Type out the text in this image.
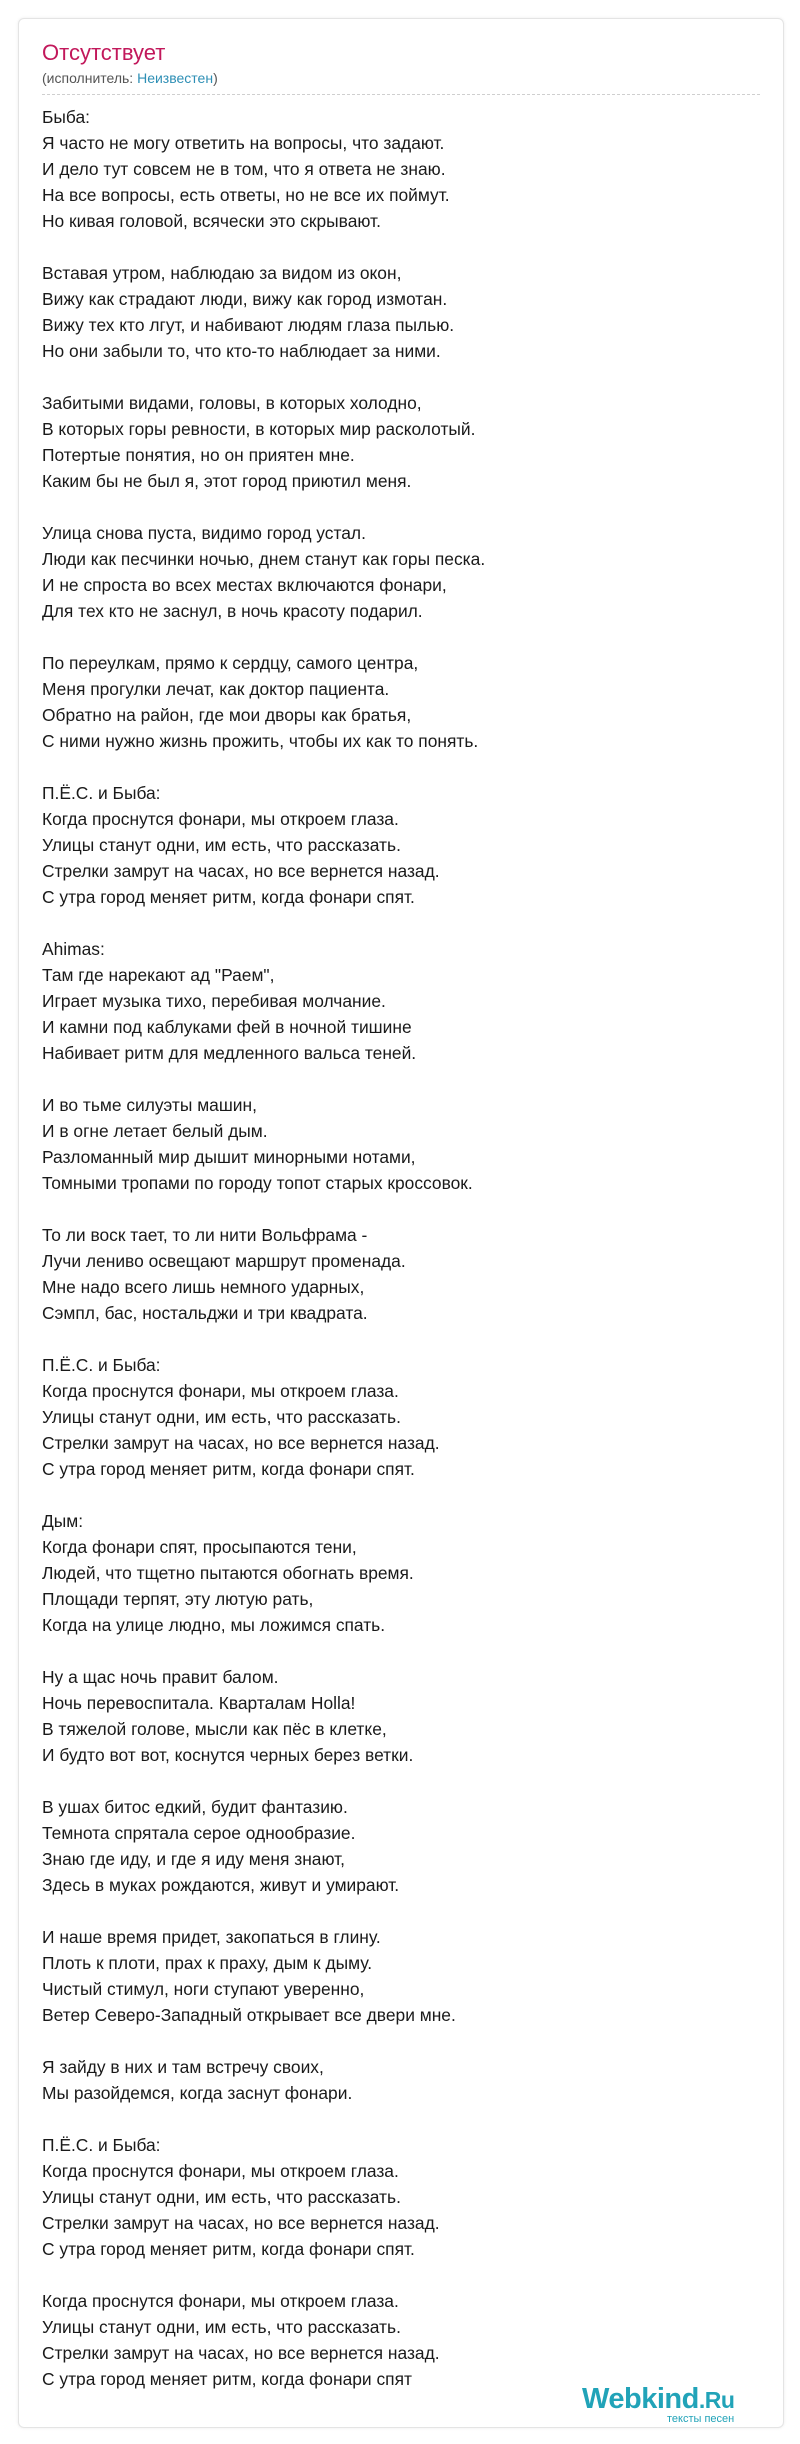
Отсутствует
(исполнитель: Неизвестен)
Быба:
Я часто не могу ответить на вопросы, что задают.
И дело тут совсем не в том, что я ответа не знаю.
На все вопросы, есть ответы, но не все их поймут.
Но кивая головой, всячески это скрывают.
Вставая утром, наблюдаю за видом из окон,
Вижу как страдают люди, вижу как город измотан.
Вижу тех кто лгут, и набивают людям глаза пылью.
Но они забыли то, что кто-то наблюдает за ними.
Забитыми видами, головы, в которых холодно,
В которых горы ревности, в которых мир расколотый.
Потертые понятия, но он приятен мне.
Каким бы не был я, этот город приютил меня.
Улица снова пуста, видимо город устал.
Люди как песчинки ночью, днем станут как горы песка.
И не спроста во всех местах включаются фонари,
Для тех кто не заснул, в ночь красоту подарил.
По переулкам, прямо к сердцу, самого центра,
Меня прогулки лечат, как доктор пациента.
Обратно на район, где мои дворы как братья,
С ними нужно жизнь прожить, чтобы их как то понять.
П.Ё.С. и Быба:
Когда проснутся фонари, мы откроем глаза.
Улицы станут одни, им есть, что рассказать.
Стрелки замрут на часах, но все вернется назад.
С утра город меняет ритм, когда фонари спят.
Ahimas:
Там где нарекают ад "Раем",
Играет музыка тихо, перебивая молчание.
И камни под каблуками фей в ночной тишине
Набивает ритм для медленного вальса теней.
И во тьме силуэты машин,
И в огне летает белый дым.
Разломанный мир дышит минорными нотами,
Томными тропами по городу топот старых кроссовок.
То ли воск тает, то ли нити Вольфрама -
Лучи лениво освещают маршрут променада.
Мне надо всего лишь немного ударных,
Сэмпл, бас, ностальджи и три квадрата.
П.Ё.С. и Быба:
Когда проснутся фонари, мы откроем глаза.
Улицы станут одни, им есть, что рассказать.
Стрелки замрут на часах, но все вернется назад.
С утра город меняет ритм, когда фонари спят.
Дым:
Когда фонари спят, просыпаются тени,
Людей, что тщетно пытаются обогнать время.
Площади терпят, эту лютую рать,
Когда на улице людно, мы ложимся спать.
Ну а щас ночь правит балом.
Ночь перевоспитала. Кварталам Holla!
В тяжелой голове, мысли как пёс в клетке,
И будто вот вот, коснутся черных берез ветки.
В ушах битос едкий, будит фантазию.
Темнота спрятала серое однообразие.
Знаю где иду, и где я иду меня знают,
Здесь в муках рождаются, живут и умирают.
И наше время придет, закопаться в глину.
Плоть к плоти, прах к праху, дым к дыму.
Чистый стимул, ноги ступают уверенно,
Ветер Северо-Западный открывает все двери мне.
Я зайду в них и там встречу своих,
Мы разойдемся, когда заснут фонари.
П.Ё.С. и Быба:
Когда проснутся фонари, мы откроем глаза.
Улицы станут одни, им есть, что рассказать.
Стрелки замрут на часах, но все вернется назад.
С утра город меняет ритм, когда фонари спят.
Когда проснутся фонари, мы откроем глаза.
Улицы станут одни, им есть, что рассказать.
Стрелки замрут на часах, но все вернется назад.
С утра город меняет ритм, когда фонари спят
Webkind.Ru
тексты песен
